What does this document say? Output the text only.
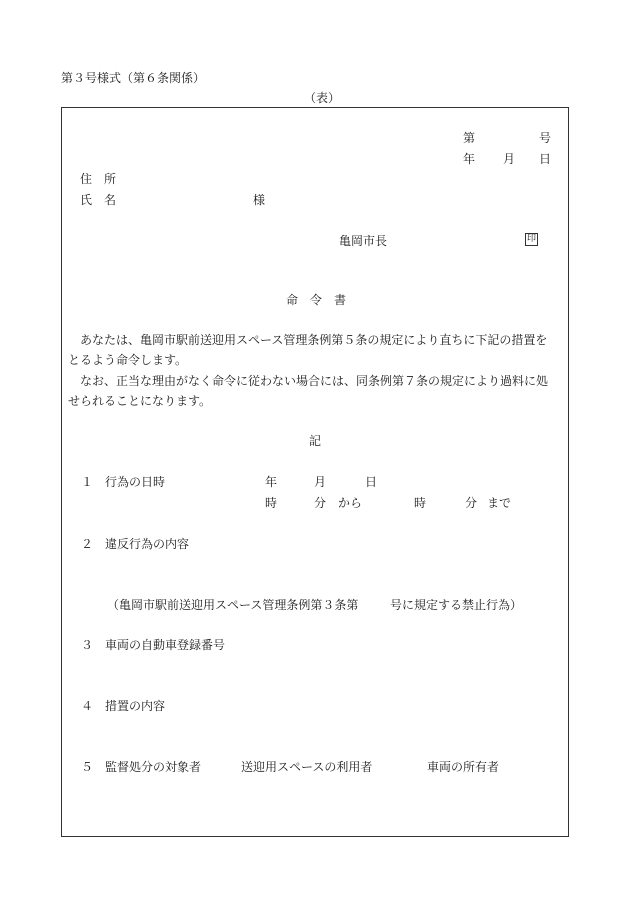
第３号様式（第６条関係）
（表）
第	号
年 月 日
住　所
氏　名	様
亀岡市長	印
命　令　書
あなたは、亀岡市駅前送迎用スペース管理条例第５条の規定により直ちに下記の措置を
とるよう命令します。
なお、正当な理由がなく命令に従わない場合には、同条例第７条の規定により過料に処
せられることになります。
記
１ 行為の日時	年	月	日
時	分 から	時	分 まで
２ 違反行為の内容
（亀岡市駅前送迎用スペース管理条例第３条第	号に規定する禁止行為）
３ 車両の自動車登録番号
４ 措置の内容
５ 監督処分の対象者	送迎用スペースの利用者	車両の所有者
